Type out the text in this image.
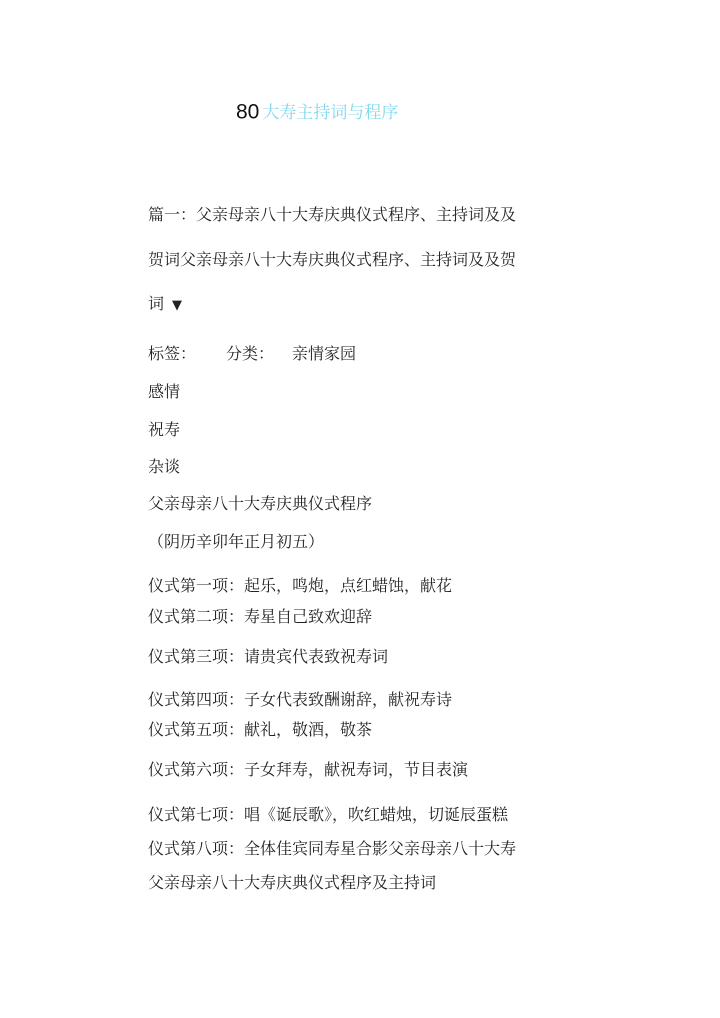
80 大寿主持词与程序
篇一：父亲母亲八十大寿庆典仪式程序、主持词及及
贺词父亲母亲八十大寿庆典仪式程序、主持词及及贺
词 ▼
标签： 分类： 亲情家园
感情
祝寿
杂谈
父亲母亲八十大寿庆典仪式程序
（阴历辛卯年正月初五）
仪式第一项：起乐，鸣炮，点红蜡蚀，献花
仪式第二项：寿星自己致欢迎辞
仪式第三项：请贵宾代表致祝寿词
仪式第四项：子女代表致酬谢辞，献祝寿诗
仪式第五项：献礼，敬酒，敬茶
仪式第六项：子女拜寿，献祝寿词，节目表演
仪式第七项：唱《诞辰歌》，吹红蜡烛，切诞辰蛋糕
仪式第八项：全体佳宾同寿星合影父亲母亲八十大寿
父亲母亲八十大寿庆典仪式程序及主持词
